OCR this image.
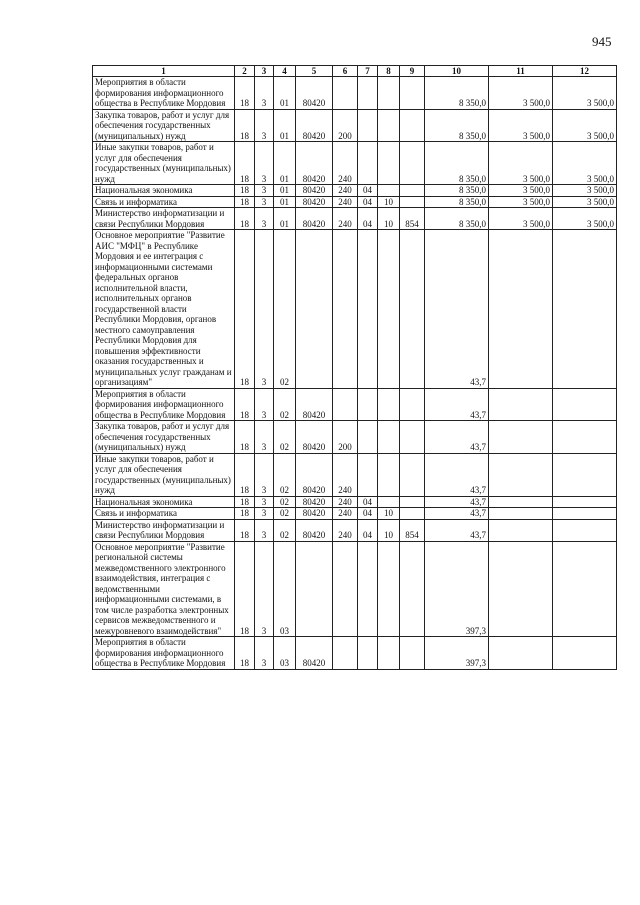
945
1	2	3	4	5	6	7	8	9	10	11	12
Мероприятия в области формирования информационного общества в Республике Мордовия	18	3	01	80420					8 350,0	3 500,0	3 500,0
Закупка товаров, работ и услуг для обеспечения государственных (муниципальных) нужд	18	3	01	80420	200				8 350,0	3 500,0	3 500,0
Иные закупки товаров, работ и услуг для обеспечения государственных (муниципальных) нужд	18	3	01	80420	240				8 350,0	3 500,0	3 500,0
Национальная экономика	18	3	01	80420	240	04			8 350,0	3 500,0	3 500,0
Связь и информатика	18	3	01	80420	240	04	10		8 350,0	3 500,0	3 500,0
Министерство информатизации и связи Республики Мордовия	18	3	01	80420	240	04	10	854	8 350,0	3 500,0	3 500,0
Основное мероприятие "Развитие АИС "МФЦ" в Республике Мордовия и ее интеграция с информационными системами федеральных органов исполнительной власти, исполнительных органов государственной власти Республики Мордовия, органов местного самоуправления Республики Мордовия для повышения эффективности оказания государственных и муниципальных услуг гражданам и организациям"	18	3	02						43,7		
Мероприятия в области формирования информационного общества в Республике Мордовия	18	3	02	80420					43,7		
Закупка товаров, работ и услуг для обеспечения государственных (муниципальных) нужд	18	3	02	80420	200				43,7		
Иные закупки товаров, работ и услуг для обеспечения государственных (муниципальных) нужд	18	3	02	80420	240				43,7		
Национальная экономика	18	3	02	80420	240	04			43,7		
Связь и информатика	18	3	02	80420	240	04	10		43,7		
Министерство информатизации и связи Республики Мордовия	18	3	02	80420	240	04	10	854	43,7		
Основное мероприятие "Развитие региональной системы межведомственного электронного взаимодействия, интеграция с ведомственными информационными системами, в том числе разработка электронных сервисов межведомственного и межуровневого взаимодействия"	18	3	03						397,3		
Мероприятия в области формирования информационного общества в Республике Мордовия	18	3	03	80420					397,3		
